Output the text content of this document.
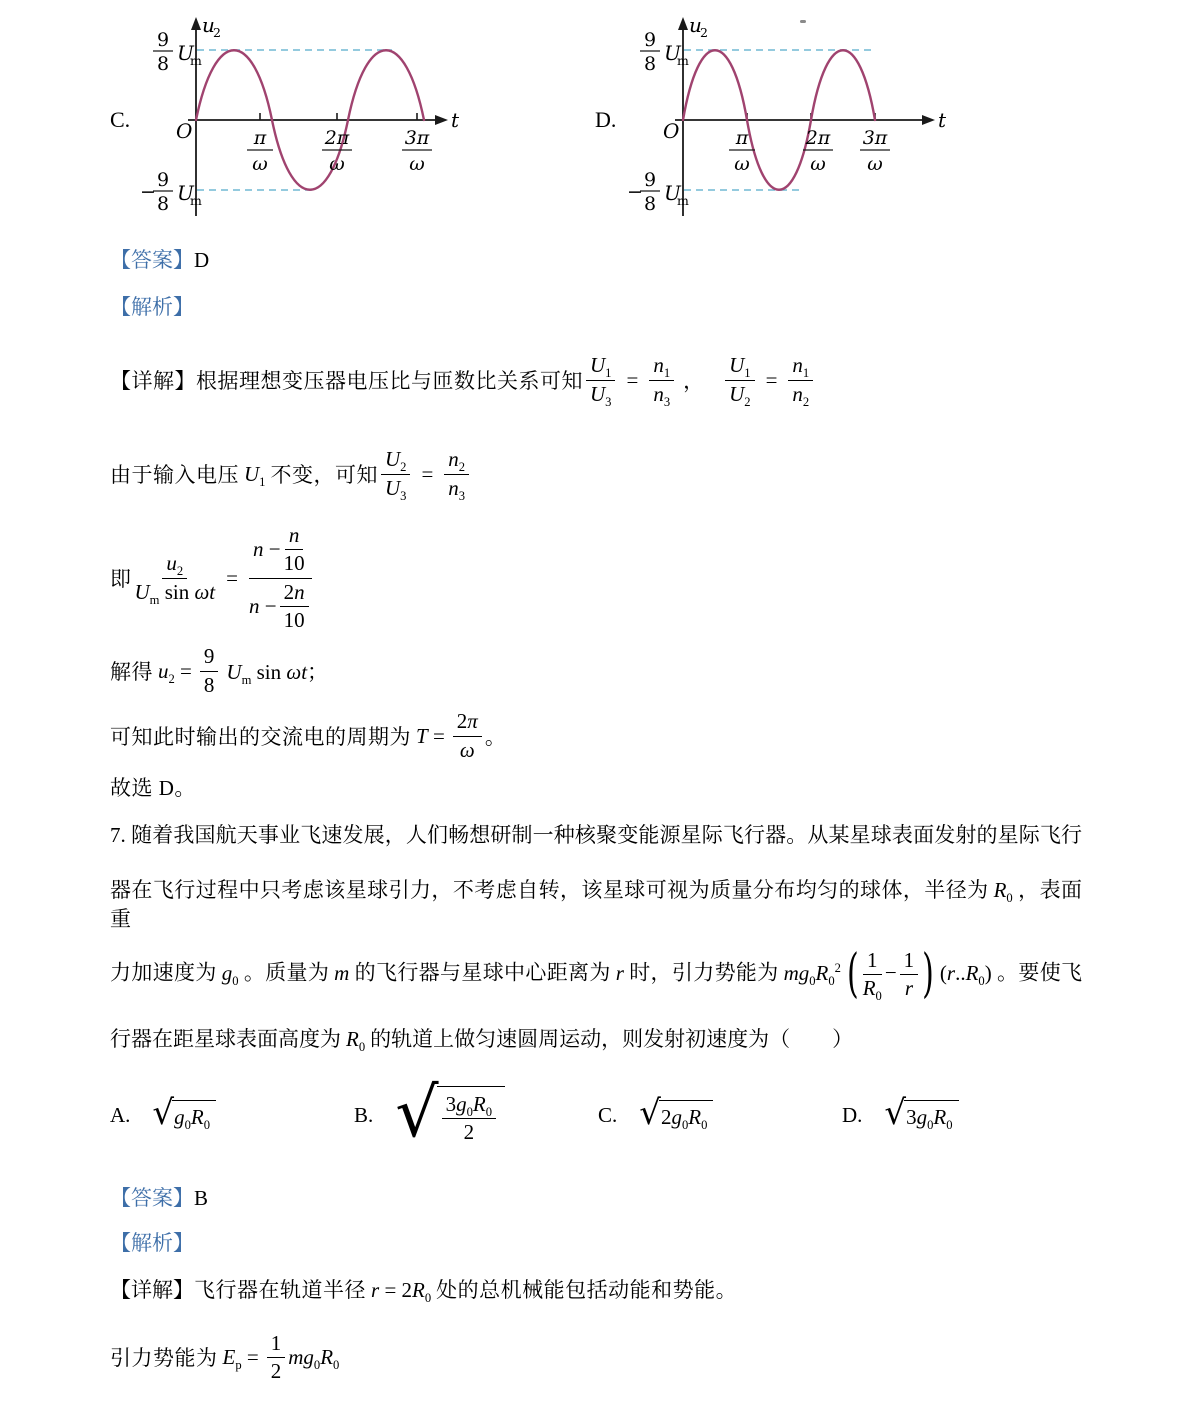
C.
u
2
O	t
9
8 U
m
−
9
8 U
m
π
ω
2π
ω
3π
ω
D.
u
2
O	t
9
8 U
m
−
9
8 U
m
π
ω
2π
ω
3π
ω
【答案】D
【解析】
【详解】 根据理想变压器电压比与匝数比关系可知 $\frac{U_1}{U_3} = \frac{n_1}{n_3}$ ，	$\frac{U_1}{U_2} = \frac{n_1}{n_2}$
由于输入电压 $U_1$ 不变，可知 $\frac{U_2}{U_3} = \frac{n_2}{n_3}$
即 $\frac{u_2}{U_m \sin \omega t} = \frac{n - \frac{n}{10}}{n - \frac{2n}{10}}$
解得 $u_2 = \frac{9}{8} U_m$ sin ωt；
可知此时输出的交流电的周期为 $T = \frac{2\pi}{\omega}$ 。
故选 D。
7. 随着我国航天事业飞速发展，人们畅想研制一种核聚变能源星际飞行器。从某星球表面发射的星际飞行
器在飞行过程中只考虑该星球引力，不考虑自转，该星球可视为质量分布均匀的球体，半径为 $R_0$ ，表面重
力加速度为 $g_0$ 。质量为 m 的飞行器与星球中心距离为 r 时，引力势能为 $mg_0R_0^2$ ( $\frac{1}{R_0} - \frac{1}{r}$ ) $(r..R_0)$ 。要使飞
行器在距星球表面高度为 $R_0$ 的轨道上做匀速圆周运动，则发射初速度为（　　）
A. √ $g_0R_0$	B. √ $\frac{3g_0R_0}{2}$	C. √ $2g_0R_0$	D. √ $3g_0R_0$
【答案】B
【解析】
【详解】飞行器在轨道半径 $r = 2R_0$ 处的总机械能包括动能和势能。
引力势能为 $E_p = \frac{1}{2} mg_0R_0$
